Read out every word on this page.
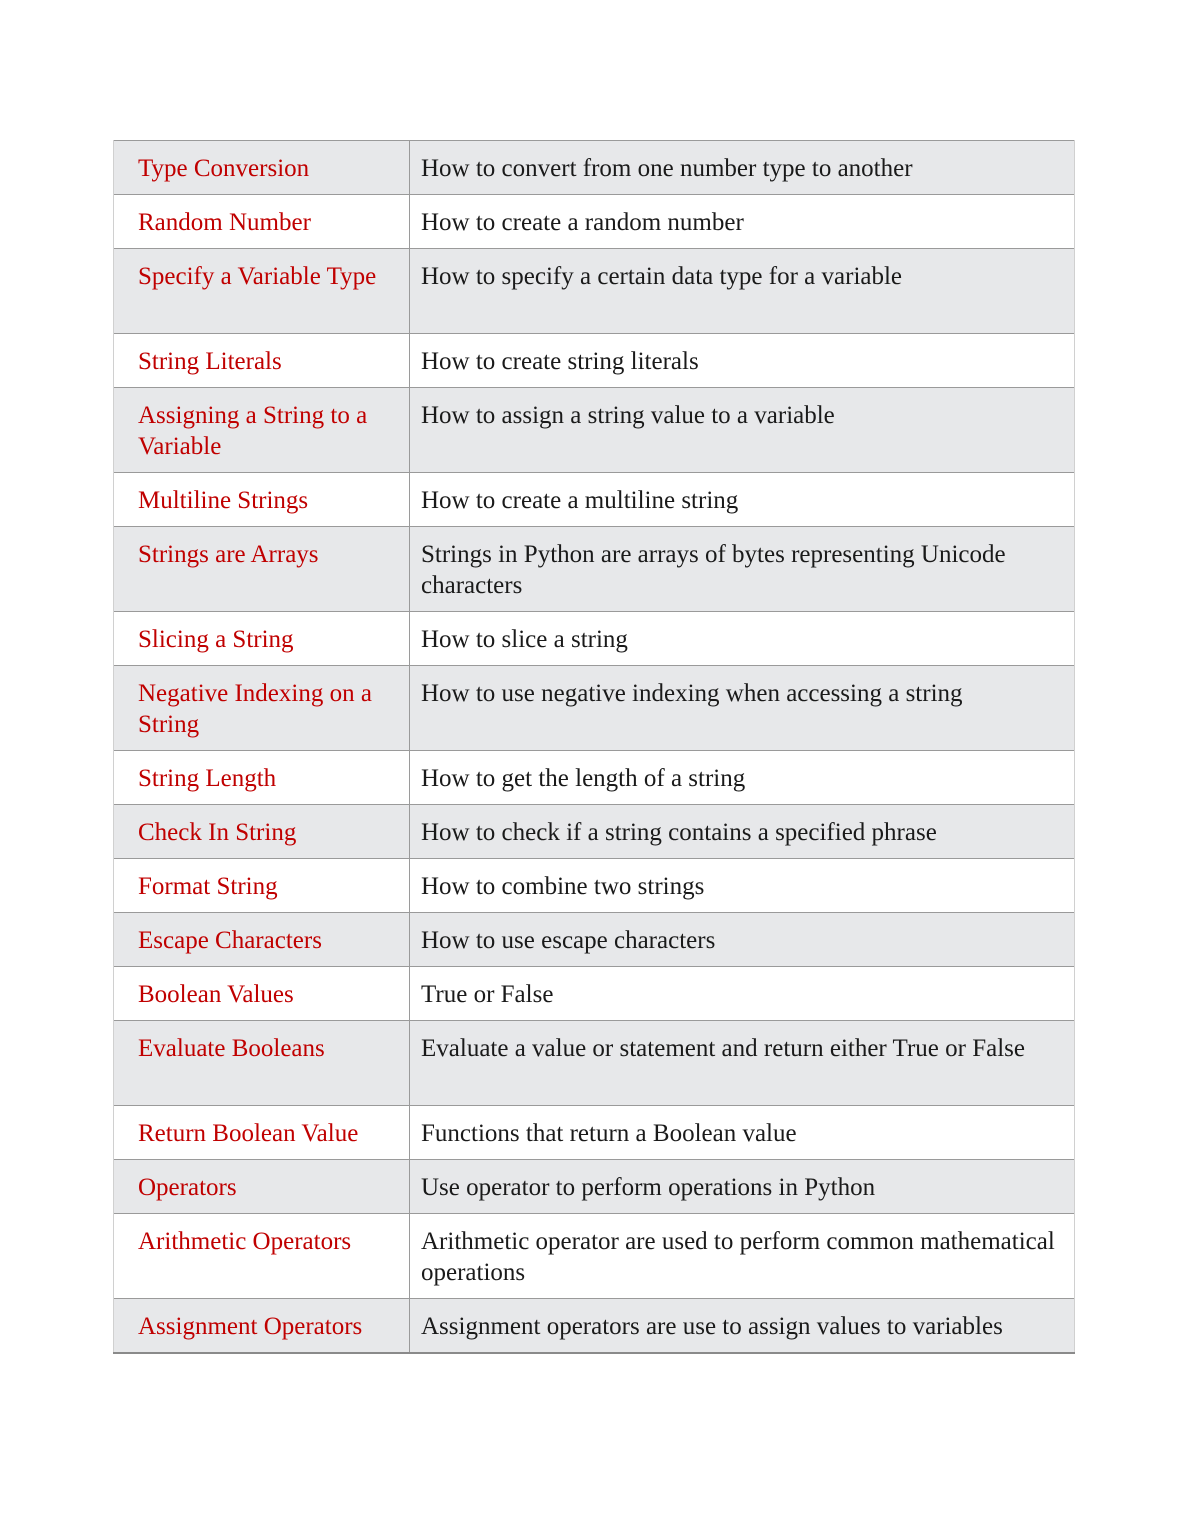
Type Conversion	How to convert from one number type to another
Random Number	How to create a random number
Specify a Variable Type	How to specify a certain data type for a variable
String Literals	How to create string literals
Assigning a String to a Variable	How to assign a string value to a variable
Multiline Strings	How to create a multiline string
Strings are Arrays	Strings in Python are arrays of bytes representing Unicode characters
Slicing a String	How to slice a string
Negative Indexing on a String	How to use negative indexing when accessing a string
String Length	How to get the length of a string
Check In String	How to check if a string contains a specified phrase
Format String	How to combine two strings
Escape Characters	How to use escape characters
Boolean Values	True or False
Evaluate Booleans	Evaluate a value or statement and return either True or False
Return Boolean Value	Functions that return a Boolean value
Operators	Use operator to perform operations in Python
Arithmetic Operators	Arithmetic operator are used to perform common mathematical operations
Assignment Operators	Assignment operators are use to assign values to variables
